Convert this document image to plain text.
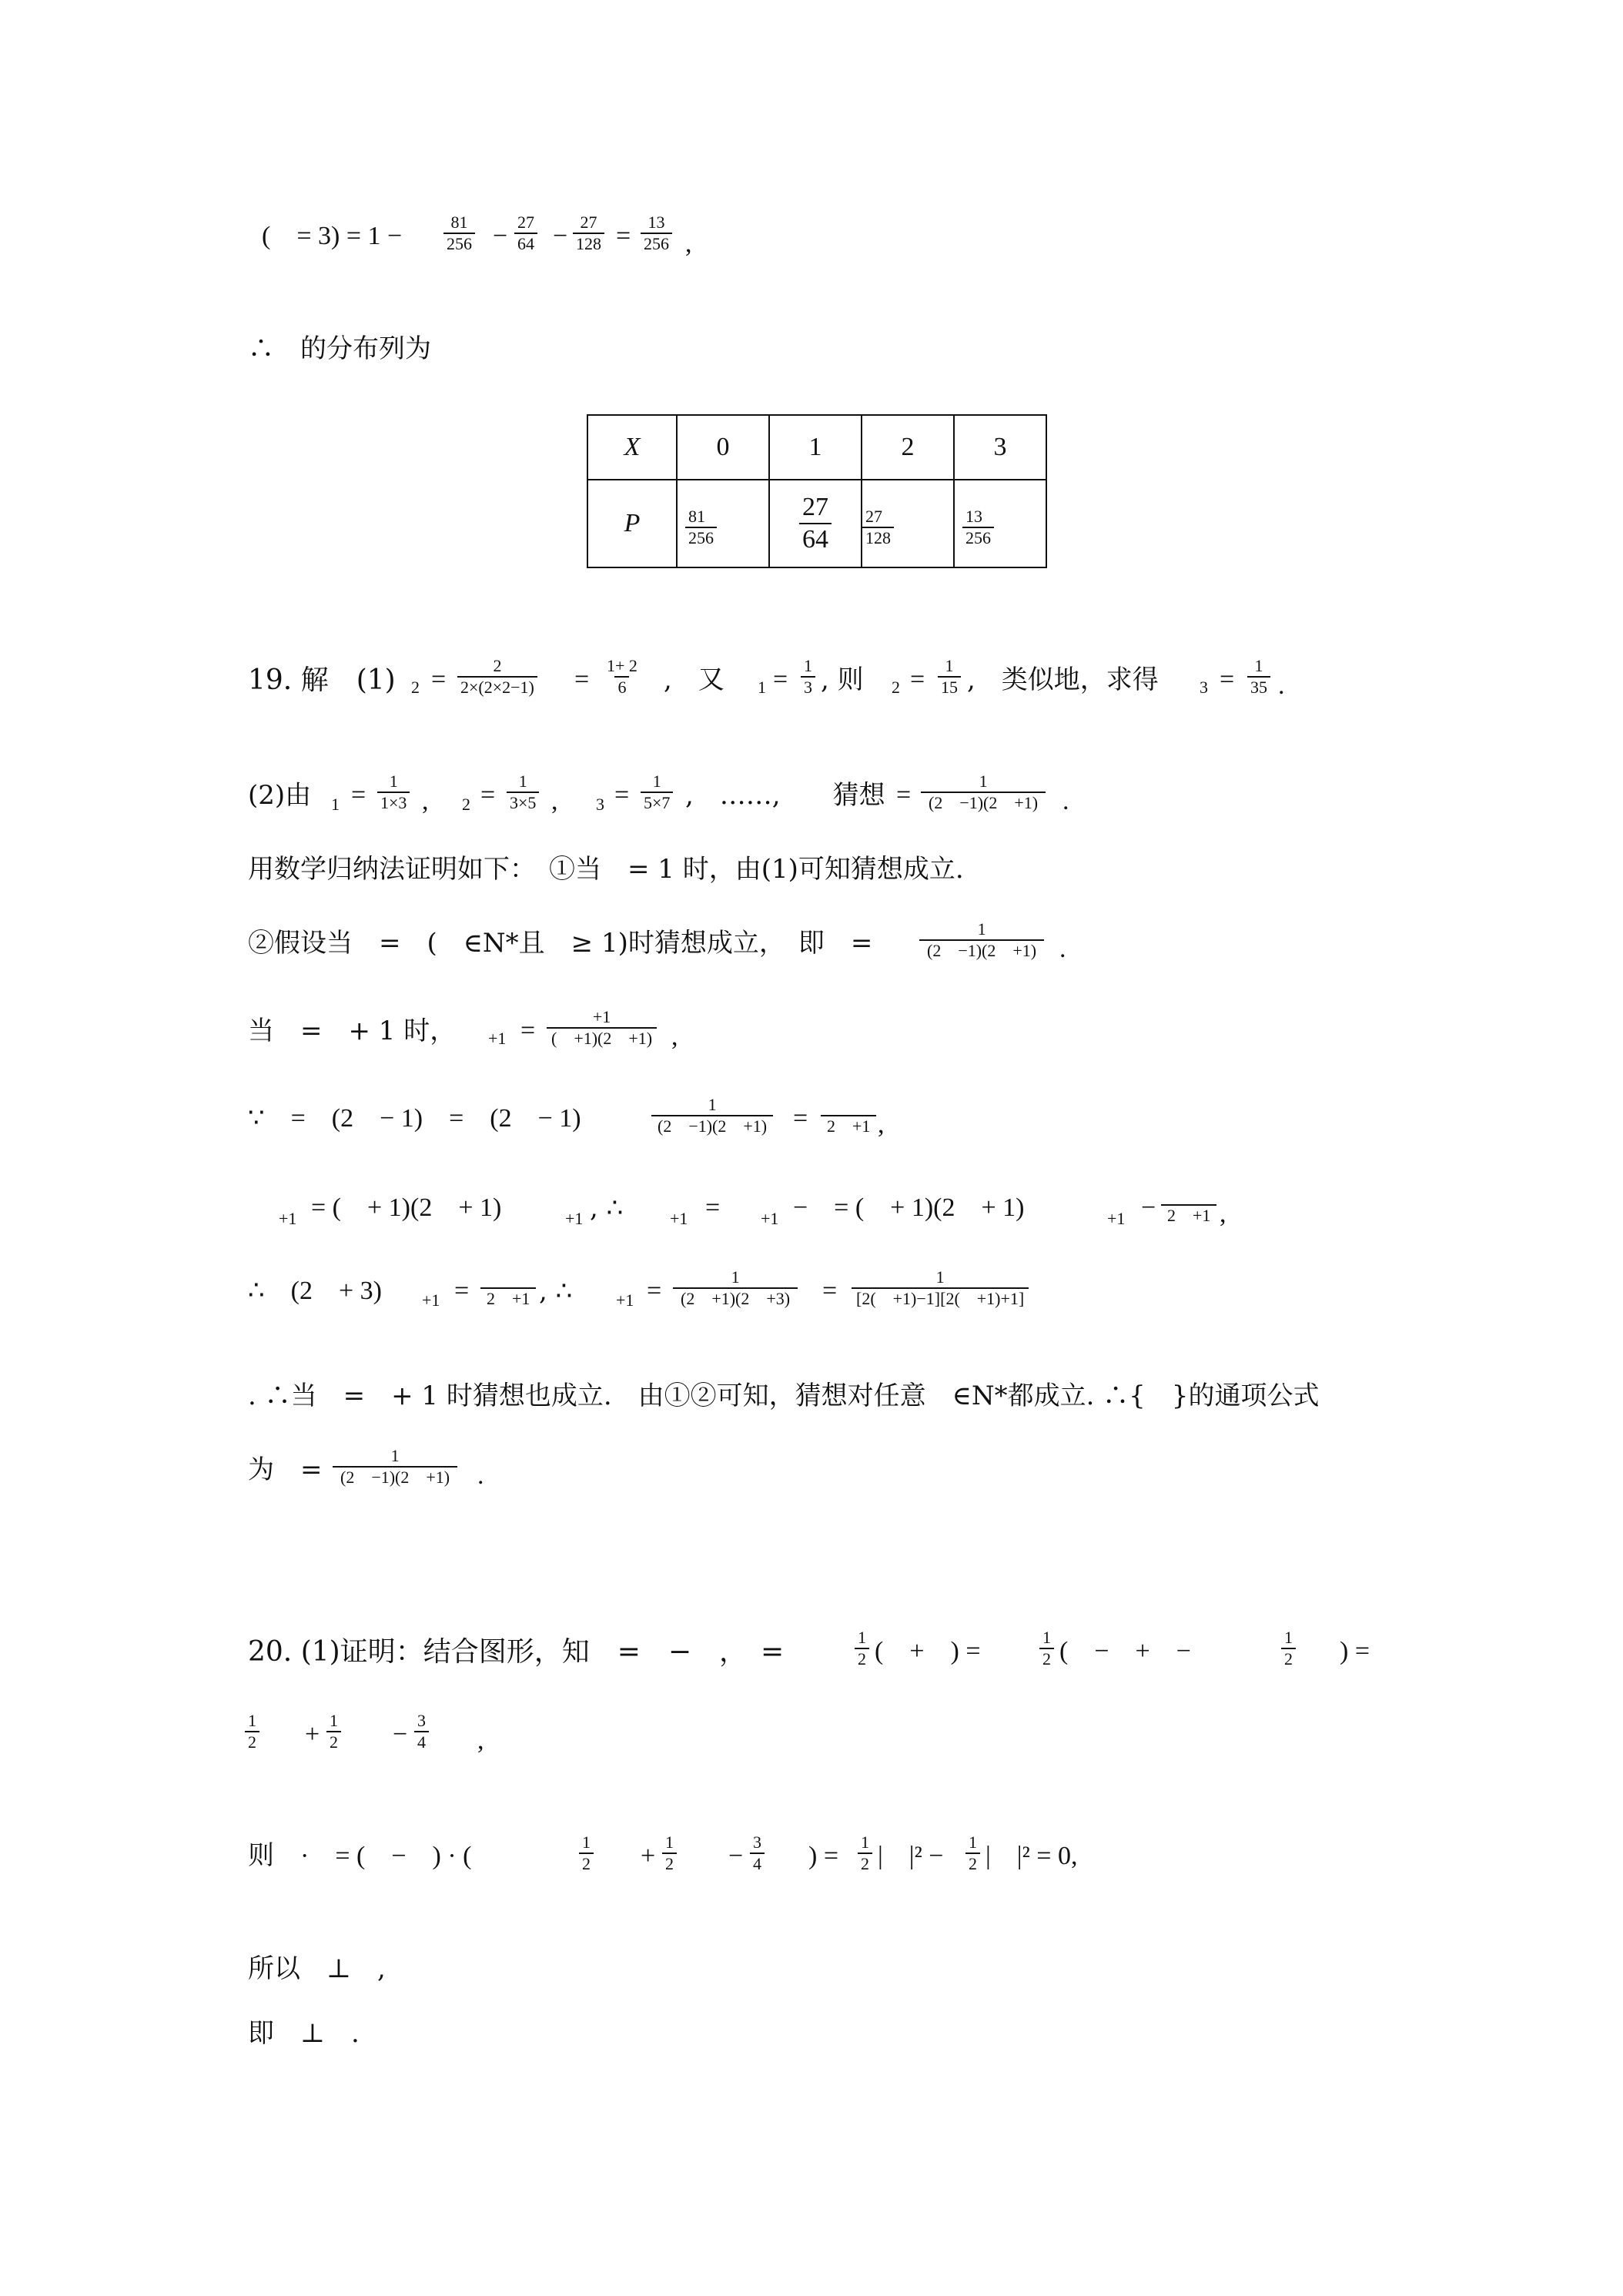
(　= $3) = 1 - \frac{81}{256} - \frac{27}{64} - \frac{27}{128} = \frac{13}{256}$ ,
∴　的分布列为
X	0	1	2	3
P	$\frac{81}{256}$	$\frac{27}{64}$	$\frac{27}{128}$	$\frac{13}{256}$
19. 解　(1) $2 = \frac{2}{2\times(2\times 2-1)} = \frac{1+ 2}{6}$ ,　又 $1 = \frac{1}{3}$ , 则 $2 = \frac{1}{15}$ ,　类似地，求得 $3 = \frac{1}{35}$ .
(2)由 $1 = \frac{1}{1\times 3}$ , $2 = \frac{1}{3\times 5}$ , $3 = \frac{1}{5\times 7}$ ,　……,　　猜想 = $\frac{1}{(2 -1)(2 +1)}$ .
用数学归纳法证明如下：　①当　= 1 时，由(1)可知猜想成立.
②假设当　=　(　∈N*且　≥ 1)时猜想成立，　即　=	$\frac{1}{(2 -1)(2 +1)}$ .
当　=　+ 1 时， $+1 = \frac{+1}{( +1)(2 +1)}$ ,
∵　=　(2　− 1)　=　(2　− 1)	$\frac{1}{(2 -1)(2 +1)}$ =	2　+1 ,
+1 = (　+ 1)(2　+ 1)	+1 , ∴	+1 = +1 −　= (　+ 1)(2　+ 1)	+1 − 2　+1 ,
∴　(2　+ 3) +1 =	2　+1 , ∴	$+1 = \frac{1}{(2 +1)(2 +3)} = \frac{1}{[2( +1)-1][2( +1)+1]}$
. ∴当　=　+ 1 时猜想也成立.　由①②可知，猜想对任意　∈N*都成立. ∴{　}的通项公式
为　= $\frac{1}{(2 -1)(2 +1)}$ .
20. (1)证明：结合图形，知　=　−　，　=	$\frac{1}{2}$ (　+　) =	$\frac{1}{2}$ (　−　+　−	$\frac{1}{2}$ ) =
$\frac{1}{2} + \frac{1}{2} - \frac{3}{4}$ ,
则　·　= (　−　) · (	$\frac{1}{2} + \frac{1}{2} - \frac{3}{4}$ ) = $\frac{1}{2}$ |　$|^2 - \frac{1}{2}$ |　|² = 0,
所以　⊥　,
即　⊥　.
